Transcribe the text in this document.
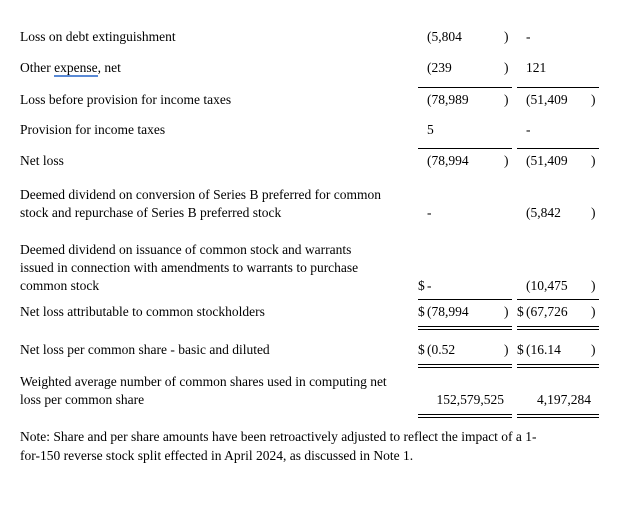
Loss on debt extinguishment	(5,804	) -
Other expense, net	(239	) 121
Loss before provision for income taxes	(78,989	) (51,409	)
Provision for income taxes	5	-
Net loss	(78,994	) (51,409	)
Deemed dividend on conversion of Series B preferred for common
stock and repurchase of Series B preferred stock	-	(5,842	)
Deemed dividend on issuance of common stock and warrants
issued in connection with amendments to warrants to purchase
common stock	$ -	(10,475	)
Net loss attributable to common stockholders	$ (78,994	) $ (67,726	)
Net loss per common share - basic and diluted	$ (0.52	) $ (16.14	)
Weighted average number of common shares used in computing net
loss per common share	152,579,525	4,197,284
Note: Share and per share amounts have been retroactively adjusted to reflect the impact of a 1-
for-150 reverse stock split effected in April 2024, as discussed in Note 1.
